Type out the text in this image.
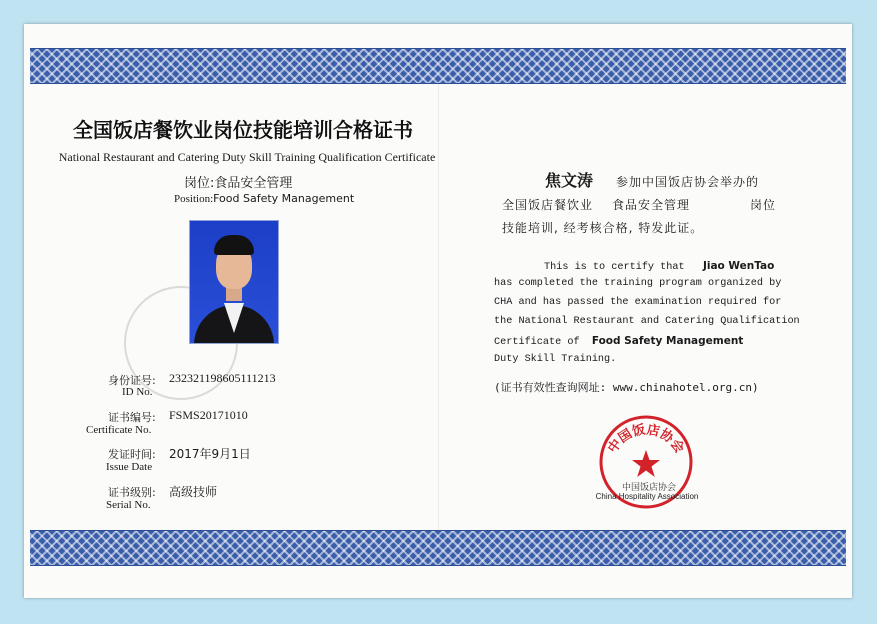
全国饭店餐饮业岗位技能培训合格证书
National Restaurant and Catering Duty Skill Training Qualification Certificate
岗位:食品安全管理
Position:Food Safety Management
身份证号: 232321198605111213
ID No.
证书编号: FSMS20171010
Certificate No.
发证时间: 2017年9月1日
Issue Date
证书级别: 高级技师
Serial No.
焦文涛 参加中国饭店协会举办的
全国饭店餐饮业 食品安全管理	岗位
技能培训, 经考核合格, 特发此证。
This is to certify that Jiao WenTao
has completed the training program organized by
CHA and has passed the examination required for
the National Restaurant and Catering Qualification
Certificate of Food Safety Management
Duty Skill Training.
(证书有效性查询网址: www.chinahotel.org.cn)
中国饭店协会
中国饭店协会
China Hospitality Association
